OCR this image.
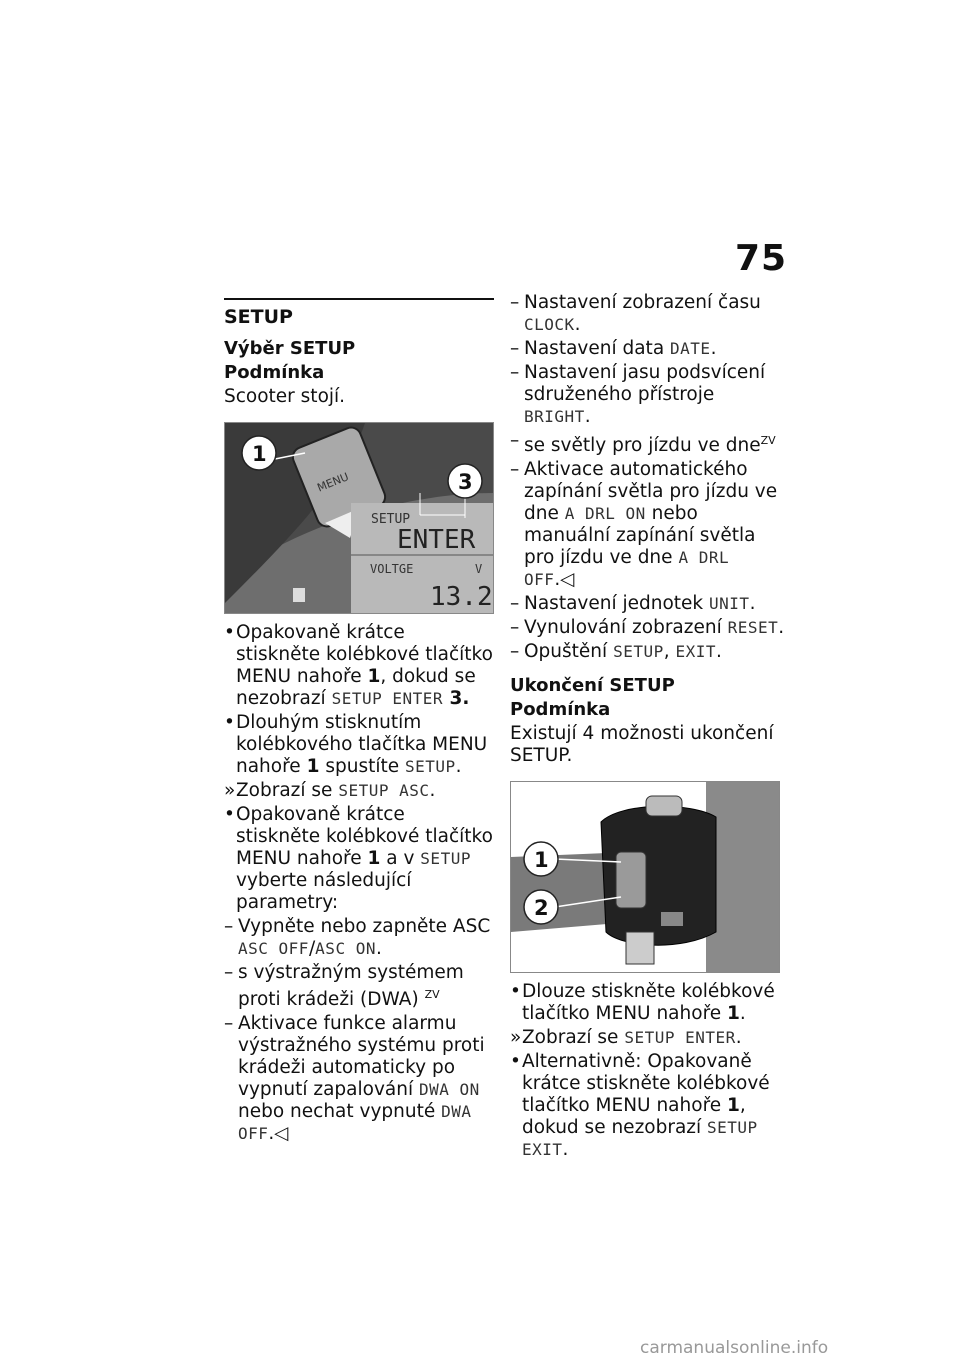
75
SETUP
Výběr SETUP
Podmínka
Scooter stojí.
MENU
SETUP
ENTER
VOLTGE	V
13.2
1
3
• Opakovaně krátce stiskněte kolébkové tlačítko MENU nahoře 1, dokud se nezobrazí SETUP ENTER 3.
• Dlouhým stisknutím kolébkového tlačítka MENU nahoře 1 spustíte SETUP.
» Zobrazí se SETUP ASC.
• Opakovaně krátce stiskněte kolébkové tlačítko MENU nahoře 1 a v SETUP vyberte následující parametry:
– Vypněte nebo zapněte ASC ASC OFF/ASC ON.
– s výstražným systémem proti krádeži (DWA) $^{ZV}$
– Aktivace funkce alarmu výstražného systému proti krádeži automaticky po vypnutí zapalování DWA ON nebo nechat vypnuté DWA OFF.◁
– Nastavení zobrazení času CLOCK.
– Nastavení data DATE.
– Nastavení jasu podsvícení sdruženého přístroje BRIGHT.
– se světly pro jízdu ve dne$^{ZV}$
– Aktivace automatického zapínání světla pro jízdu ve dne A DRL ON nebo manuální zapínání světla pro jízdu ve dne A DRL OFF.◁
– Nastavení jednotek UNIT.
– Vynulování zobrazení RESET.
– Opuštění SETUP, EXIT.
Ukončení SETUP
Podmínka
Existují 4 možnosti ukončení SETUP.
1
2
• Dlouze stiskněte kolébkové tlačítko MENU nahoře 1.
» Zobrazí se SETUP ENTER.
• Alternativně: Opakovaně krátce stiskněte kolébkové tlačítko MENU nahoře 1, dokud se nezobrazí SETUP EXIT.
carmanualsonline.info
